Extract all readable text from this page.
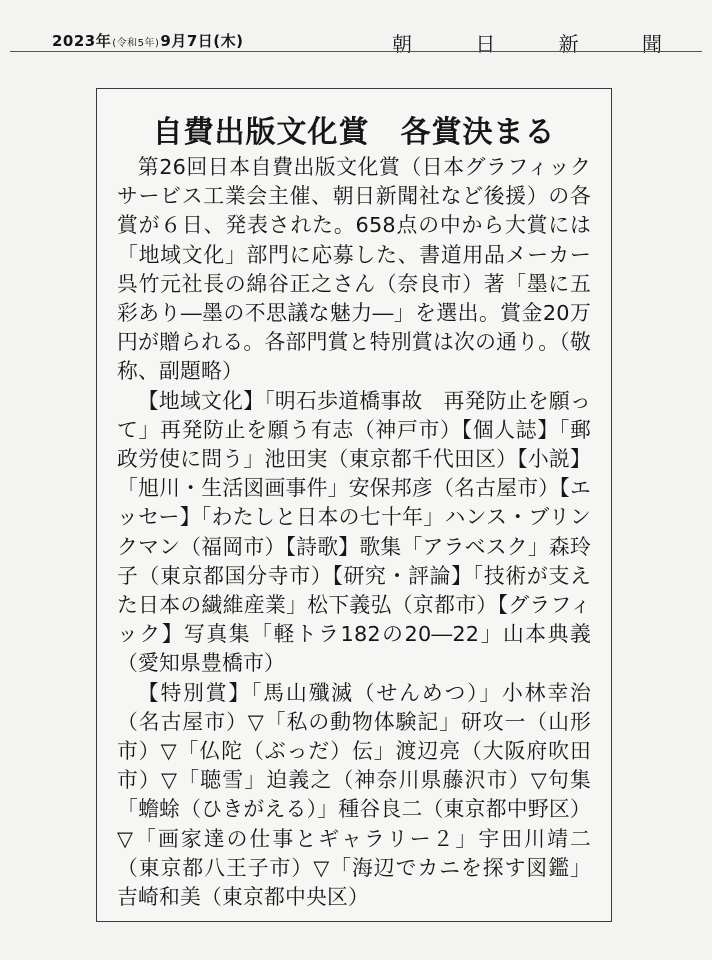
2023年 (令和5年) 9月7日 (木)	朝	日	新	聞
自費出版文化賞　各賞決まる

第26回日本自費出版文化賞（日本グラフィックサービス工業会主催、朝日新聞社など後援）の各賞が６日、発表された。658点の中から大賞には「地域文化」部門に応募した、書道用品メーカー呉竹元社長の綿谷正之さん（奈良市）著「墨に五彩あり―墨の不思議な魅力―」を選出。賞金20万円が贈られる。各部門賞と特別賞は次の通り。（敬称、副題略）

【地域文化】「明石歩道橋事故　再発防止を願って」再発防止を願う有志（神戸市）【個人誌】「郵政労使に問う」池田実（東京都千代田区）【小説】「旭川・生活図画事件」安保邦彦（名古屋市）【エッセー】「わたしと日本の七十年」ハンス・ブリンクマン（福岡市）【詩歌】歌集「アラベスク」森玲子（東京都国分寺市）【研究・評論】「技術が支えた日本の繊維産業」松下義弘（京都市）【グラフィック】写真集「軽トラ182の20―22」山本典義（愛知県豊橋市）

【特別賞】「馬山殲滅（せんめつ）」小林幸治（名古屋市）▽「私の動物体験記」研攻一（山形市）▽「仏陀（ぶっだ）伝」渡辺亮（大阪府吹田市）▽「聴雪」迫義之（神奈川県藤沢市）▽句集「蟾蜍（ひきがえる）」種谷良二（東京都中野区）▽「画家達の仕事とギャラリー２」宇田川靖二（東京都八王子市）▽「海辺でカニを探す図鑑」吉崎和美（東京都中央区）
